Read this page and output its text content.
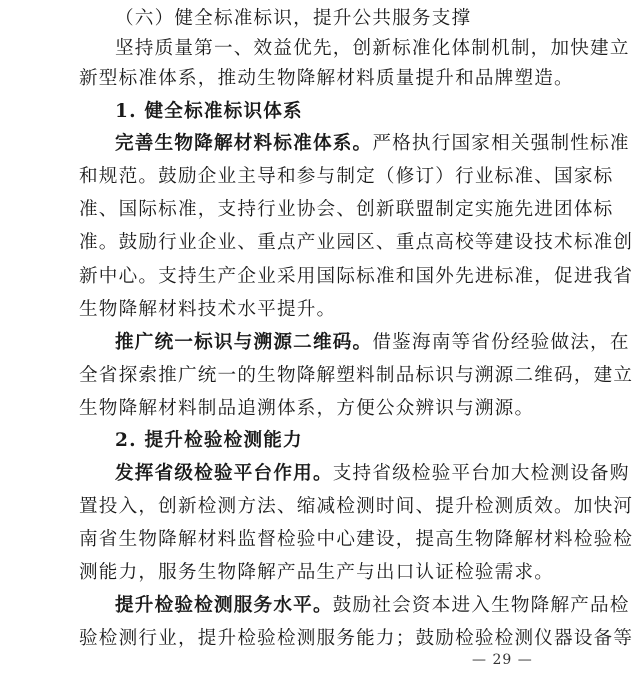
（六）健全标准标识，提升公共服务支撑
坚持质量第一、效益优先，创新标准化体制机制，加快建立
新型标准体系，推动生物降解材料质量提升和品牌塑造。
1. 健全标准标识体系
完善生物降解材料标准体系。严格执行国家相关强制性标准
和规范。鼓励企业主导和参与制定（修订）行业标准、国家标
准、国际标准，支持行业协会、创新联盟制定实施先进团体标
准。鼓励行业企业、重点产业园区、重点高校等建设技术标准创
新中心。支持生产企业采用国际标准和国外先进标准，促进我省
生物降解材料技术水平提升。
推广统一标识与溯源二维码。借鉴海南等省份经验做法，在
全省探索推广统一的生物降解塑料制品标识与溯源二维码，建立
生物降解材料制品追溯体系，方便公众辨识与溯源。
2. 提升检验检测能力
发挥省级检验平台作用。支持省级检验平台加大检测设备购
置投入，创新检测方法、缩减检测时间、提升检测质效。加快河
南省生物降解材料监督检验中心建设，提高生物降解材料检验检
测能力，服务生物降解产品生产与出口认证检验需求。
提升检验检测服务水平。鼓励社会资本进入生物降解产品检
验检测行业，提升检验检测服务能力；鼓励检验检测仪器设备等
— 29 —
